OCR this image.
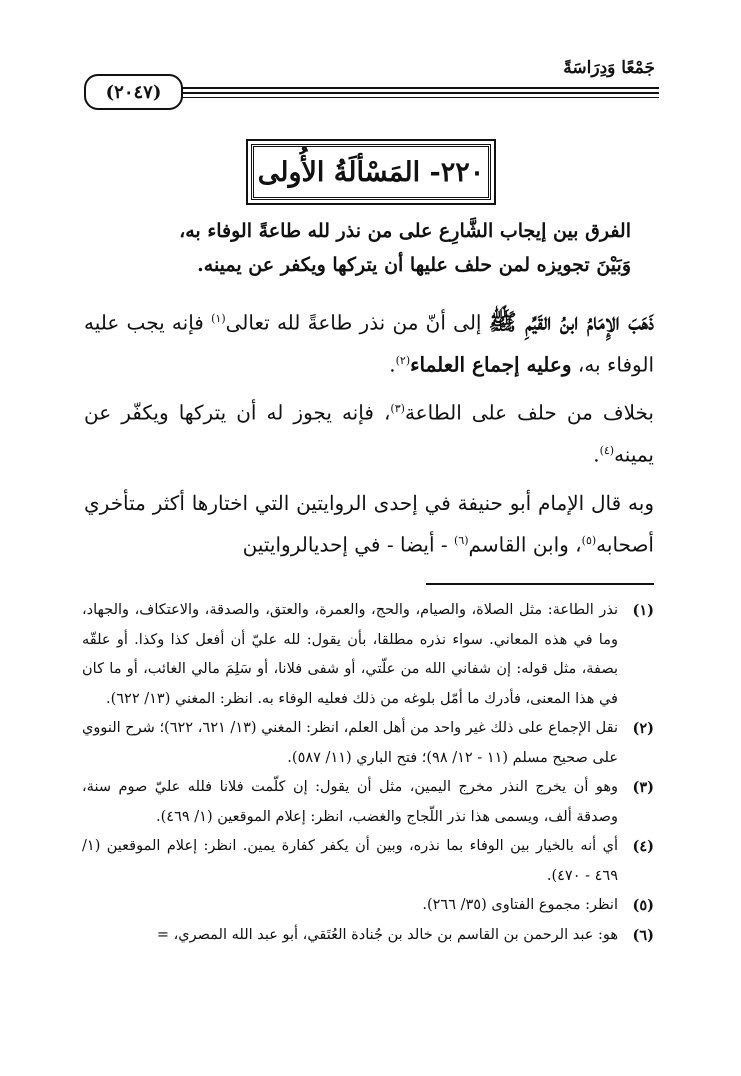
جَمْعًا وَدِرَاسَةً
(٢٠٤٧)
٢٢٠- المَسْألَةُ الأُولى
الفرق بين إيجاب الشَّارِع على من نذر لله طاعةً الوفاء به،
وَبَيْنَ تجويزه لمن حلف عليها أن يتركها ويكفر عن يمينه.
ذَهَبَ الإِمَامُ ابنُ القَيِّمِ ﷺ إلى أنّ من نذر طاعةً لله تعالى$^{(١)}$ فإنه يجب عليه الوفاء به، وعليه إجماع العلماء$^{(٢)}$.
بخلاف من حلف على الطاعة$^{(٣)}$، فإنه يجوز له أن يتركها ويكفّر عن يمينه$^{(٤)}$.
وبه قال الإمام أبو حنيفة في إحدى الروايتين التي اختارها أكثر متأخري أصحابه$^{(٥)}$، وابن القاسم$^{(٦)}$ - أيضا - في إحديالروايتين
(١)
نذر الطاعة: مثل الصلاة، والصيام، والحج، والعمرة، والعتق، والصدقة، والاعتكاف، والجهاد، وما في هذه المعاني. سواء نذره مطلقا، بأن يقول: لله عليّ أن أفعل كذا وكذا. أو علقّه بصفة، مثل قوله: إن شفاني الله من علّتي، أو شفى فلانا، أو سَلِمَ مالي الغائب، أو ما كان في هذا المعنى، فأدرك ما أمّل بلوغه من ذلك فعليه الوفاء به. انظر: المغني (١٣/ ٦٢٢).
(٢)
نقل الإجماع على ذلك غير واحد من أهل العلم، انظر: المغني (١٣/ ٦٢١، ٦٢٢)؛ شرح النووي على صحيح مسلم (١١ - ١٢/ ٩٨)؛ فتح الباري (١١/ ٥٨٧).
(٣)
وهو أن يخرج النذر مخرج اليمين، مثل أن يقول: إن كلّمت فلانا فلله عليّ صوم سنة، وصدقة ألف، ويسمى هذا نذر اللّجاج والغضب، انظر: إعلام الموقعين (١/ ٤٦٩).
(٤)
أي أنه بالخيار بين الوفاء بما نذره، وبين أن يكفر كفارة يمين. انظر: إعلام الموقعين (١/ ٤٦٩ - ٤٧٠).
(٥)
انظر: مجموع الفتاوى (٣٥/ ٢٦٦).
(٦)
هو: عبد الرحمن بن القاسم بن خالد بن جُنادة العُتَقي، أبو عبد الله المصري، =
